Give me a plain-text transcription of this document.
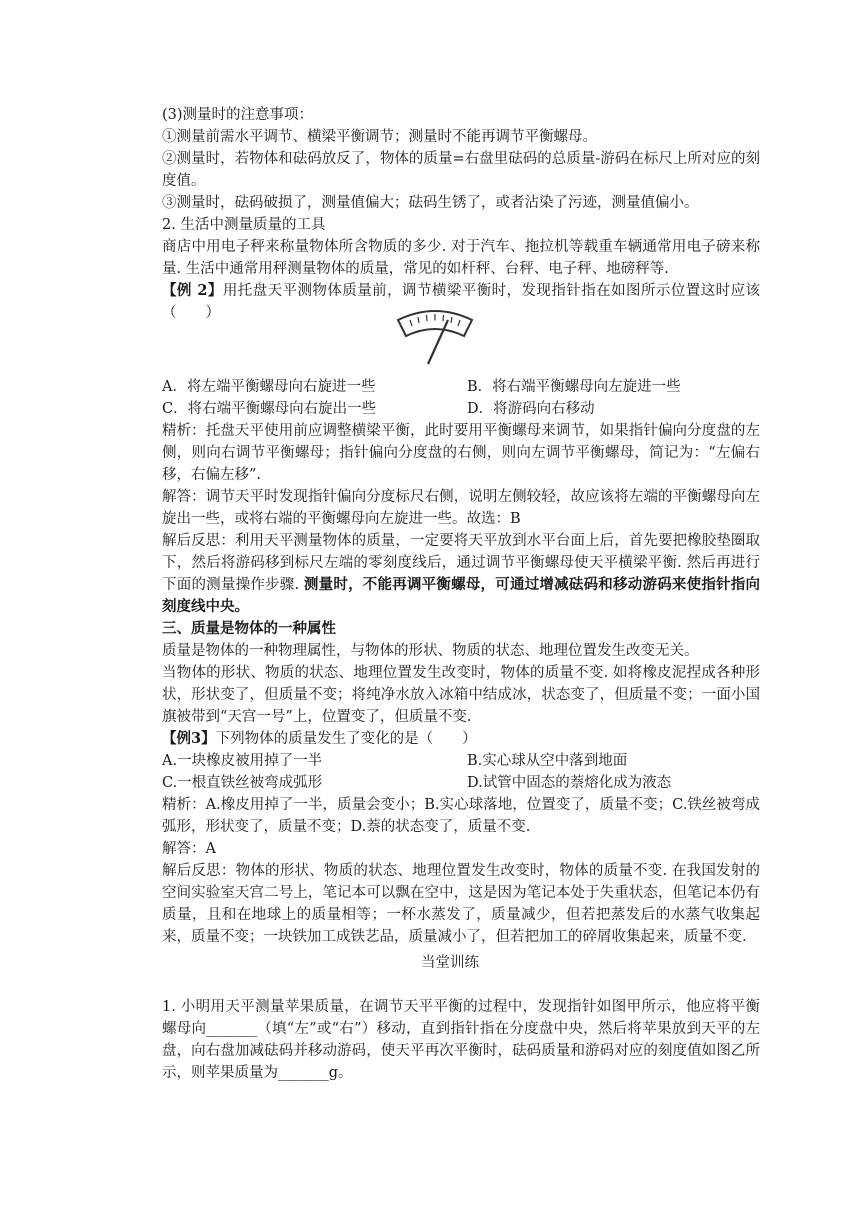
(3)测量时的注意事项：

①测量前需水平调节、横梁平衡调节；测量时不能再调节平衡螺母。

②测量时，若物体和砝码放反了，物体的质量=右盘里砝码的总质量-游码在标尺上所对应的刻度值。

③测量时，砝码破损了，测量值偏大；砝码生锈了，或者沾染了污迹，测量值偏小。

2. 生活中测量质量的工具

商店中用电子秤来称量物体所含物质的多少. 对于汽车、拖拉机等载重车辆通常用电子磅来称量. 生活中通常用秤测量物体的质量，常见的如杆秤、台秤、电子秤、地磅秤等.

【例 2】用托盘天平测物体质量前，调节横梁平衡时，发现指针指在如图所示位置这时应该（　　）

A．将左端平衡螺母向右旋进一些	B．将右端平衡螺母向左旋进一些
C．将右端平衡螺母向右旋出一些	D．将游码向右移动

精析：托盘天平使用前应调整横梁平衡，此时要用平衡螺母来调节，如果指针偏向分度盘的左侧，则向右调节平衡螺母；指针偏向分度盘的右侧，则向左调节平衡螺母，简记为：“左偏右移，右偏左移”.

解答：调节天平时发现指针偏向分度标尺右侧，说明左侧较轻，故应该将左端的平衡螺母向左旋出一些，或将右端的平衡螺母向左旋进一些。故选：B

解后反思：利用天平测量物体的质量，一定要将天平放到水平台面上后，首先要把橡胶垫圈取下，然后将游码移到标尺左端的零刻度线后，通过调节平衡螺母使天平横梁平衡. 然后再进行下面的测量操作步骤. 测量时，不能再调平衡螺母，可通过增减砝码和移动游码来使指针指向刻度线中央。

三、质量是物体的一种属性

质量是物体的一种物理属性，与物体的形状、物质的状态、地理位置发生改变无关。

当物体的形状、物质的状态、地理位置发生改变时，物体的质量不变. 如将橡皮泥捏成各种形状，形状变了，但质量不变；将纯净水放入冰箱中结成冰，状态变了，但质量不变；一面小国旗被带到“天宫一号”上，位置变了，但质量不变.

【例3】下列物体的质量发生了变化的是（　　）

A.一块橡皮被用掉了一半	B.实心球从空中落到地面
C.一根直铁丝被弯成弧形	D.试管中固态的萘熔化成为液态

精析：A.橡皮用掉了一半，质量会变小；B.实心球落地，位置变了，质量不变；C.铁丝被弯成弧形，形状变了，质量不变；D.萘的状态变了，质量不变.

解答：A

解后反思：物体的形状、物质的状态、地理位置发生改变时，物体的质量不变. 在我国发射的空间实验室天宫二号上，笔记本可以飘在空中，这是因为笔记本处于失重状态，但笔记本仍有质量，且和在地球上的质量相等；一杯水蒸发了，质量减少，但若把蒸发后的水蒸气收集起来，质量不变；一块铁加工成铁艺品，质量减小了，但若把加工的碎屑收集起来，质量不变.

当堂训练

1. 小明用天平测量苹果质量，在调节天平平衡的过程中，发现指针如图甲所示，他应将平衡螺母向_______（填“左”或“右”）移动，直到指针指在分度盘中央，然后将苹果放到天平的左盘，向右盘加减砝码并移动游码，使天平再次平衡时，砝码质量和游码对应的刻度值如图乙所示，则苹果质量为_______g。
